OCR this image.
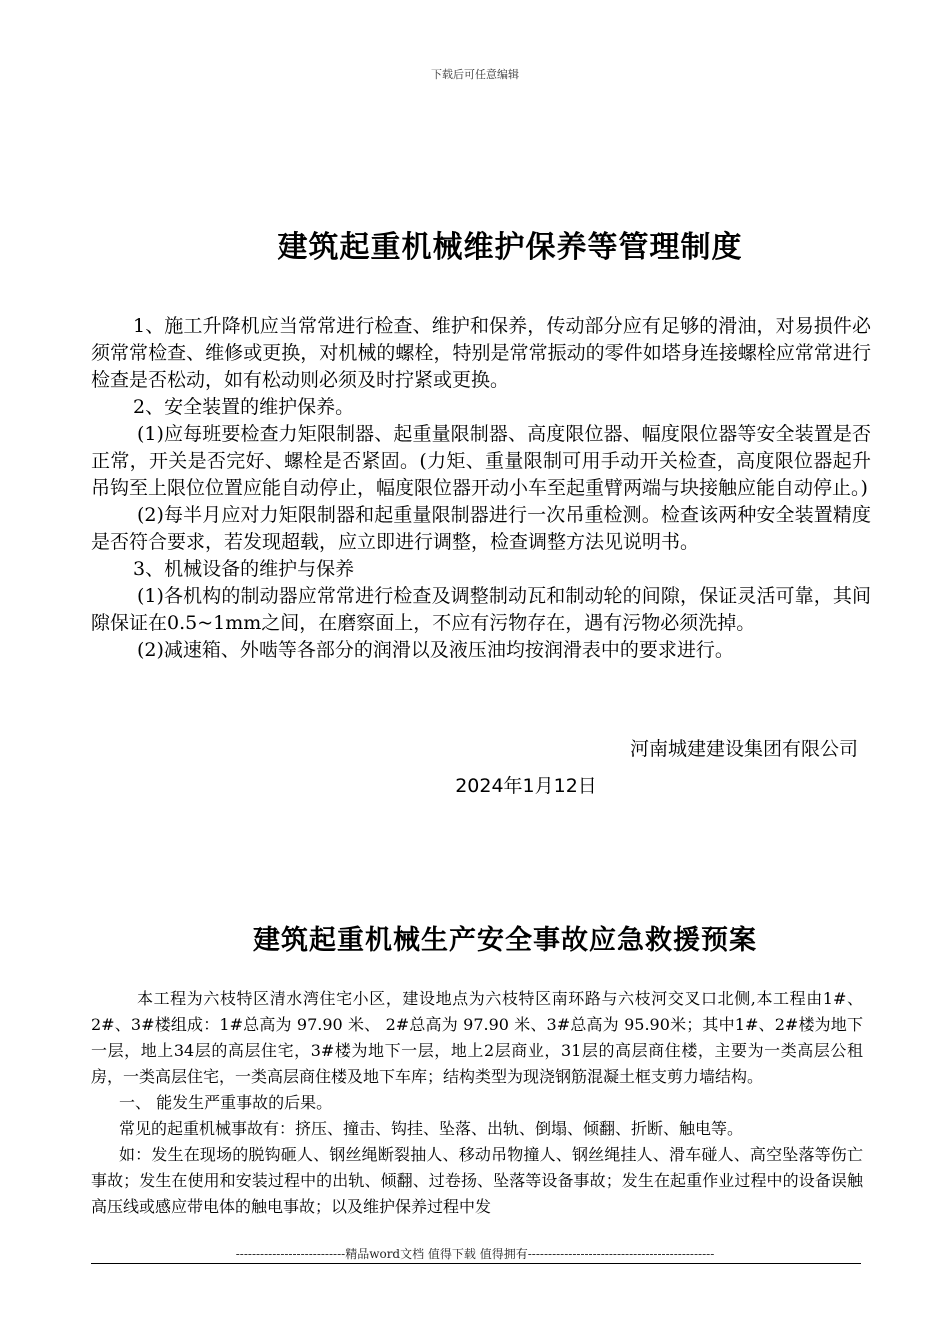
下载后可任意编辑
建筑起重机械维护保养等管理制度

1、施工升降机应当常常进行检查、维护和保养，传动部分应有足够的滑油，对易损件必须常常检查、维修或更换，对机械的螺栓，特别是常常振动的零件如塔身连接螺栓应常常进行检查是否松动，如有松动则必须及时拧紧或更换。

2、安全装置的维护保养。

(1)应每班要检查力矩限制器、起重量限制器、高度限位器、幅度限位器等安全装置是否正常，开关是否完好、螺栓是否紧固。(力矩、重量限制可用手动开关检查，高度限位器起升吊钩至上限位位置应能自动停止，幅度限位器开动小车至起重臂两端与块接触应能自动停止。)

(2)每半月应对力矩限制器和起重量限制器进行一次吊重检测。检查该两种安全装置精度是否符合要求，若发现超载，应立即进行调整，检查调整方法见说明书。

3、机械设备的维护与保养

(1)各机构的制动器应常常进行检查及调整制动瓦和制动轮的间隙，保证灵活可靠，其间隙保证在0.5~1mm之间，在磨察面上，不应有污物存在，遇有污物必须洗掉。

(2)减速箱、外啮等各部分的润滑以及液压油均按润滑表中的要求进行。

河南城建建设集团有限公司
2024年1月12日
建筑起重机械生产安全事故应急救援预案

本工程为六枝特区清水湾住宅小区，建设地点为六枝特区南环路与六枝河交叉口北侧,本工程由1#、2#、3#楼组成：1#总高为 97.90 米、 2#总高为 97.90 米、3#总高为 95.90米；其中1#、2#楼为地下一层，地上34层的高层住宅，3#楼为地下一层，地上2层商业，31层的高层商住楼，主要为一类高层公租房，一类高层住宅，一类高层商住楼及地下车库；结构类型为现浇钢筋混凝土框支剪力墙结构。

一、 能发生严重事故的后果。

常见的起重机械事故有：挤压、撞击、钩挂、坠落、出轨、倒塌、倾翻、折断、触电等。

如：发生在现场的脱钩砸人、钢丝绳断裂抽人、移动吊物撞人、钢丝绳挂人、滑车碰人、高空坠落等伤亡事故；发生在使用和安装过程中的出轨、倾翻、过卷扬、坠落等设备事故；发生在起重作业过程中的设备误触高压线或感应带电体的触电事故；以及维护保养过程中发

---------------------------精品word文档 值得下载 值得拥有----------------------------------------------
